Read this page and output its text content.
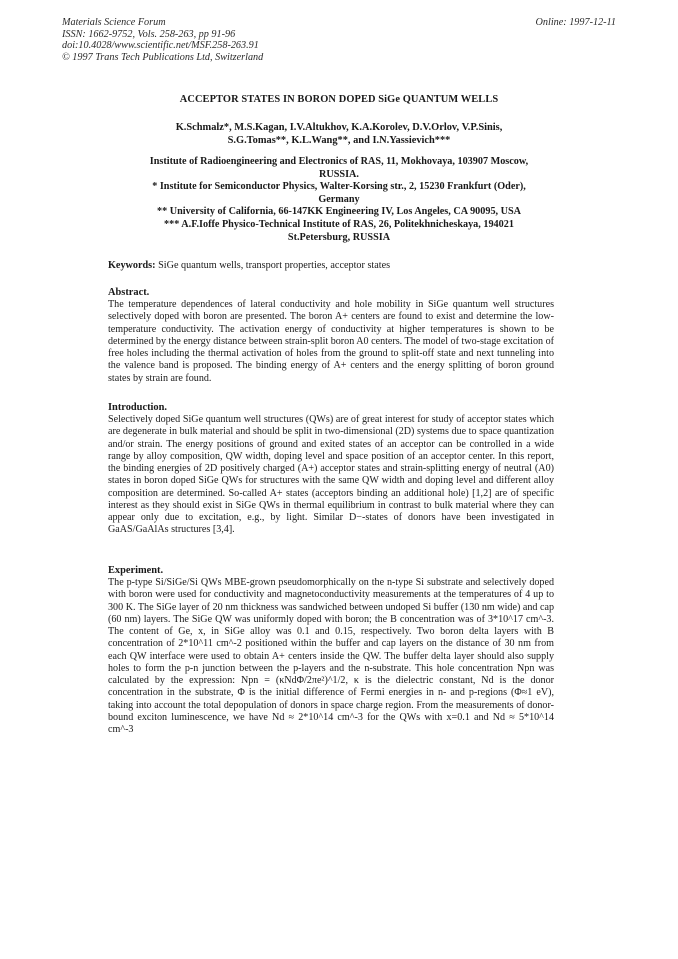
Materials Science Forum
ISSN: 1662-9752, Vols. 258-263, pp 91-96
doi:10.4028/www.scientific.net/MSF.258-263.91
© 1997 Trans Tech Publications Ltd, Switzerland
Online: 1997-12-11
ACCEPTOR STATES IN BORON DOPED SiGe QUANTUM WELLS
K.Schmalz*, M.S.Kagan, I.V.Altukhov, K.A.Korolev, D.V.Orlov, V.P.Sinis,
S.G.Tomas**, K.L.Wang**, and I.N.Yassievich***
Institute of Radioengineering and Electronics of RAS, 11, Mokhovaya, 103907 Moscow,
RUSSIA.
* Institute for Semiconductor Physics, Walter-Korsing str., 2, 15230 Frankfurt (Oder),
Germany
** University of California, 66-147KK Engineering IV, Los Angeles, CA 90095, USA
*** A.F.Ioffe Physico-Technical Institute of RAS, 26, Politekhnicheskaya, 194021
St.Petersburg, RUSSIA
Keywords: SiGe quantum wells, transport properties, acceptor states
Abstract.

The temperature dependences of lateral conductivity and hole mobility in SiGe quantum well structures selectively doped with boron are presented. The boron A+ centers are found to exist and determine the low-temperature conductivity. The activation energy of conductivity at higher temperatures is shown to be determined by the energy distance between strain-split boron A0 centers. The model of two-stage excitation of free holes including the thermal activation of holes from the ground to split-off state and next tunneling into the valence band is proposed. The binding energy of A+ centers and the energy splitting of boron ground states by strain are found.

Introduction.

Selectively doped SiGe quantum well structures (QWs) are of great interest for study of acceptor states which are degenerate in bulk material and should be split in two-dimensional (2D) systems due to space quantization and/or strain. The energy positions of ground and exited states of an acceptor can be controlled in a wide range by alloy composition, QW width, doping level and space position of an acceptor center. In this report, the binding energies of 2D positively charged (A+) acceptor states and strain-splitting energy of neutral (A0) states in boron doped SiGe QWs for structures with the same QW width and doping level and different alloy composition are determined. So-called A+ states (acceptors binding an additional hole) [1,2] are of specific interest as they should exist in SiGe QWs in thermal equilibrium in contrast to bulk material where they can appear only due to excitation, e.g., by light. Similar D−-states of donors have been investigated in GaAS/GaAlAs structures [3,4].

Experiment.

The p-type Si/SiGe/Si QWs MBE-grown pseudomorphically on the n-type Si substrate and selectively doped with boron were used for conductivity and magnetoconductivity measurements at the temperatures of 4 up to 300 K. The SiGe layer of 20 nm thickness was sandwiched between undoped Si buffer (130 nm wide) and cap (60 nm) layers. The SiGe QW was uniformly doped with boron; the B concentration was of 3*10^17 cm^-3. The content of Ge, x, in SiGe alloy was 0.1 and 0.15, respectively. Two boron delta layers with B concentration of 2*10^11 cm^-2 positioned within the buffer and cap layers on the distance of 30 nm from each QW interface were used to obtain A+ centers inside the QW. The buffer delta layer should also supply holes to form the p-n junction between the p-layers and the n-substrate. This hole concentration Npn was calculated by the expression: Npn = (κNdΦ/2πe²)^1/2, κ is the dielectric constant, Nd is the donor concentration in the substrate, Φ is the initial difference of Fermi energies in n- and p-regions (Φ≈1 eV), taking into account the total depopulation of donors in space charge region. From the measurements of donor-bound exciton luminescence, we have Nd ≈ 2*10^14 cm^-3 for the QWs with x=0.1 and Nd ≈ 5*10^14 cm^-3
